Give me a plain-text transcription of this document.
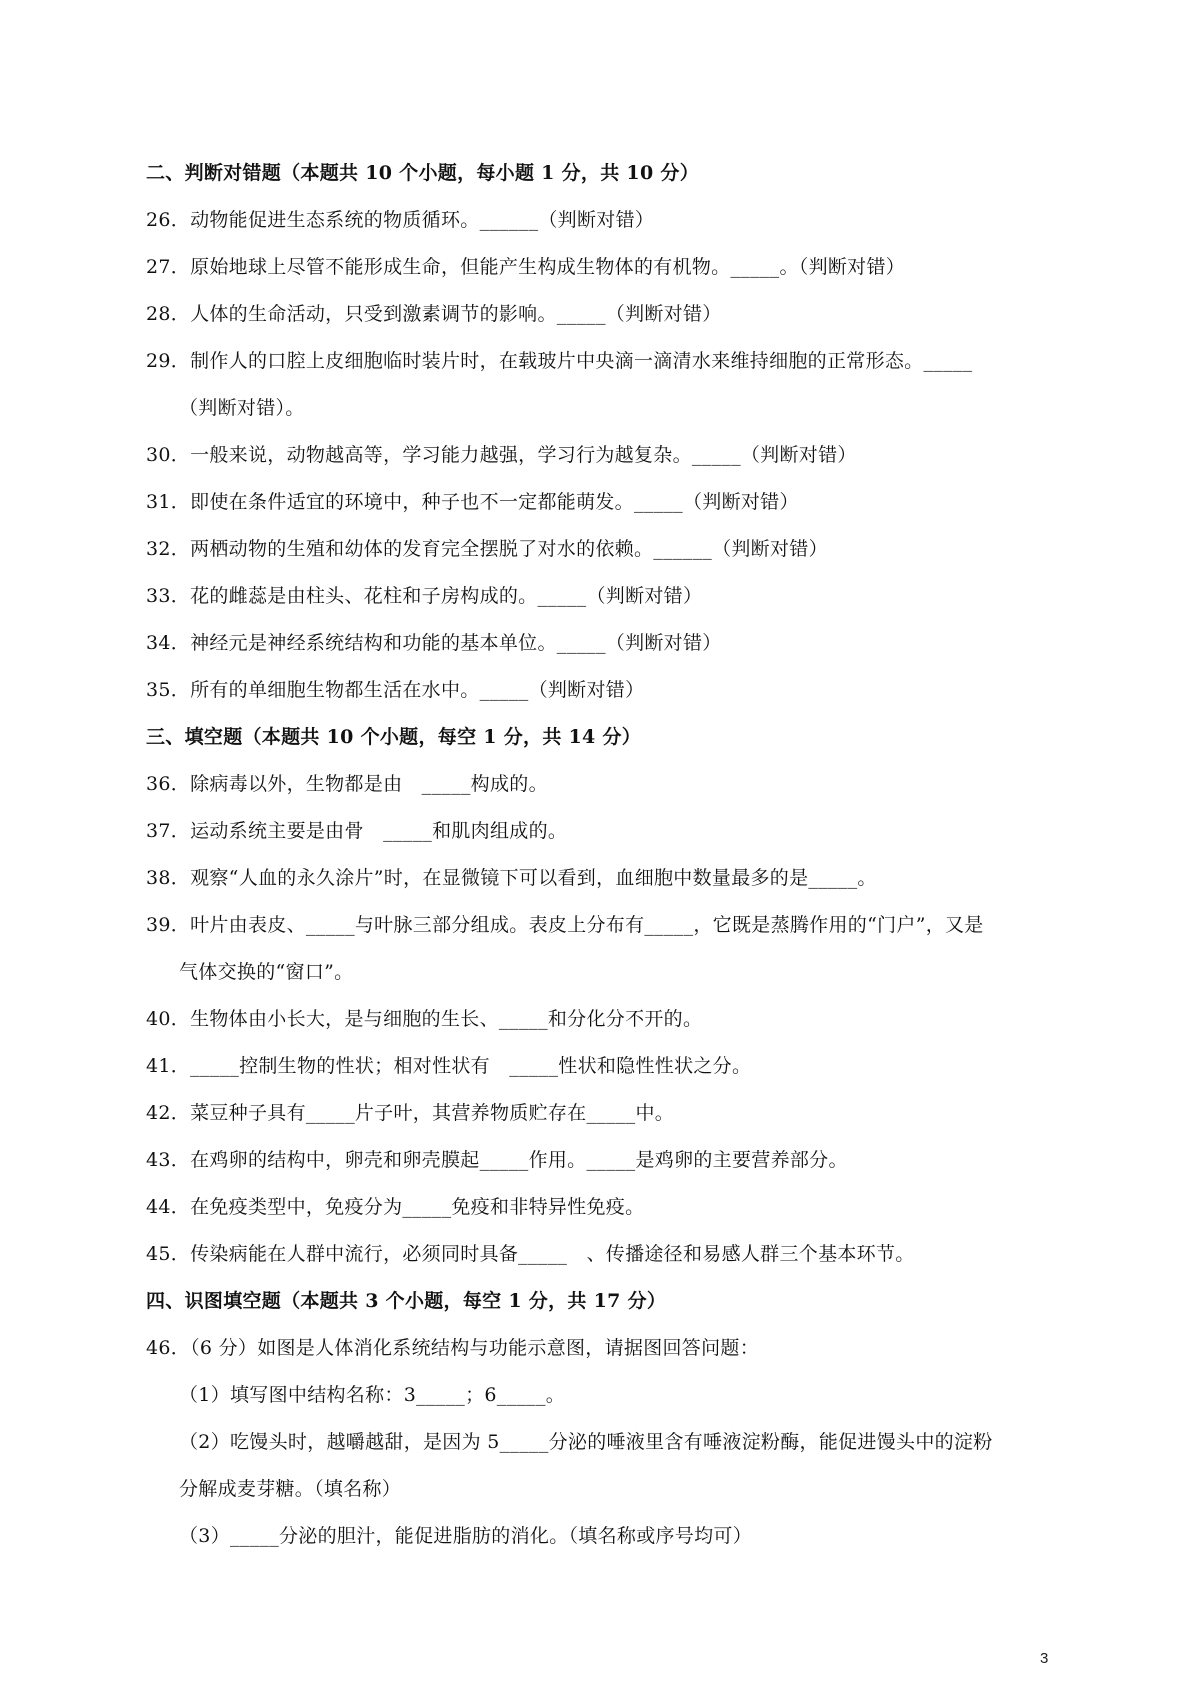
二、判断对错题（本题共 10 个小题，每小题 1 分，共 10 分）
26．动物能促进生态系统的物质循环。______（判断对错）
27．原始地球上尽管不能形成生命，但能产生构成生物体的有机物。_____。（判断对错）
28．人体的生命活动，只受到激素调节的影响。_____（判断对错）
29．制作人的口腔上皮细胞临时装片时，在载玻片中央滴一滴清水来维持细胞的正常形态。_____
（判断对错）。
30．一般来说，动物越高等，学习能力越强，学习行为越复杂。_____（判断对错）
31．即使在条件适宜的环境中，种子也不一定都能萌发。_____（判断对错）
32．两栖动物的生殖和幼体的发育完全摆脱了对水的依赖。______（判断对错）
33．花的雌蕊是由柱头、花柱和子房构成的。_____（判断对错）
34．神经元是神经系统结构和功能的基本单位。_____（判断对错）
35．所有的单细胞生物都生活在水中。_____（判断对错）
三、填空题（本题共 10 个小题，每空 1 分，共 14 分）
36．除病毒以外，生物都是由　_____构成的。
37．运动系统主要是由骨　_____和肌肉组成的。
38．观察“人血的永久涂片”时，在显微镜下可以看到，血细胞中数量最多的是_____。
39．叶片由表皮、_____与叶脉三部分组成。表皮上分布有_____，它既是蒸腾作用的“门户”，又是
气体交换的“窗口”。
40．生物体由小长大，是与细胞的生长、_____和分化分不开的。
41．_____控制生物的性状；相对性状有　_____性状和隐性性状之分。
42．菜豆种子具有_____片子叶，其营养物质贮存在_____中。
43．在鸡卵的结构中，卵壳和卵壳膜起_____作用。_____是鸡卵的主要营养部分。
44．在免疫类型中，免疫分为_____免疫和非特异性免疫。
45．传染病能在人群中流行，必须同时具备_____　、传播途径和易感人群三个基本环节。
四、识图填空题（本题共 3 个小题，每空 1 分，共 17 分）
46．（6 分）如图是人体消化系统结构与功能示意图，请据图回答问题：
（1）填写图中结构名称：3_____；6_____。
（2）吃馒头时，越嚼越甜，是因为 5_____分泌的唾液里含有唾液淀粉酶，能促进馒头中的淀粉
分解成麦芽糖。（填名称）
（3）_____分泌的胆汁，能促进脂肪的消化。（填名称或序号均可）
3
